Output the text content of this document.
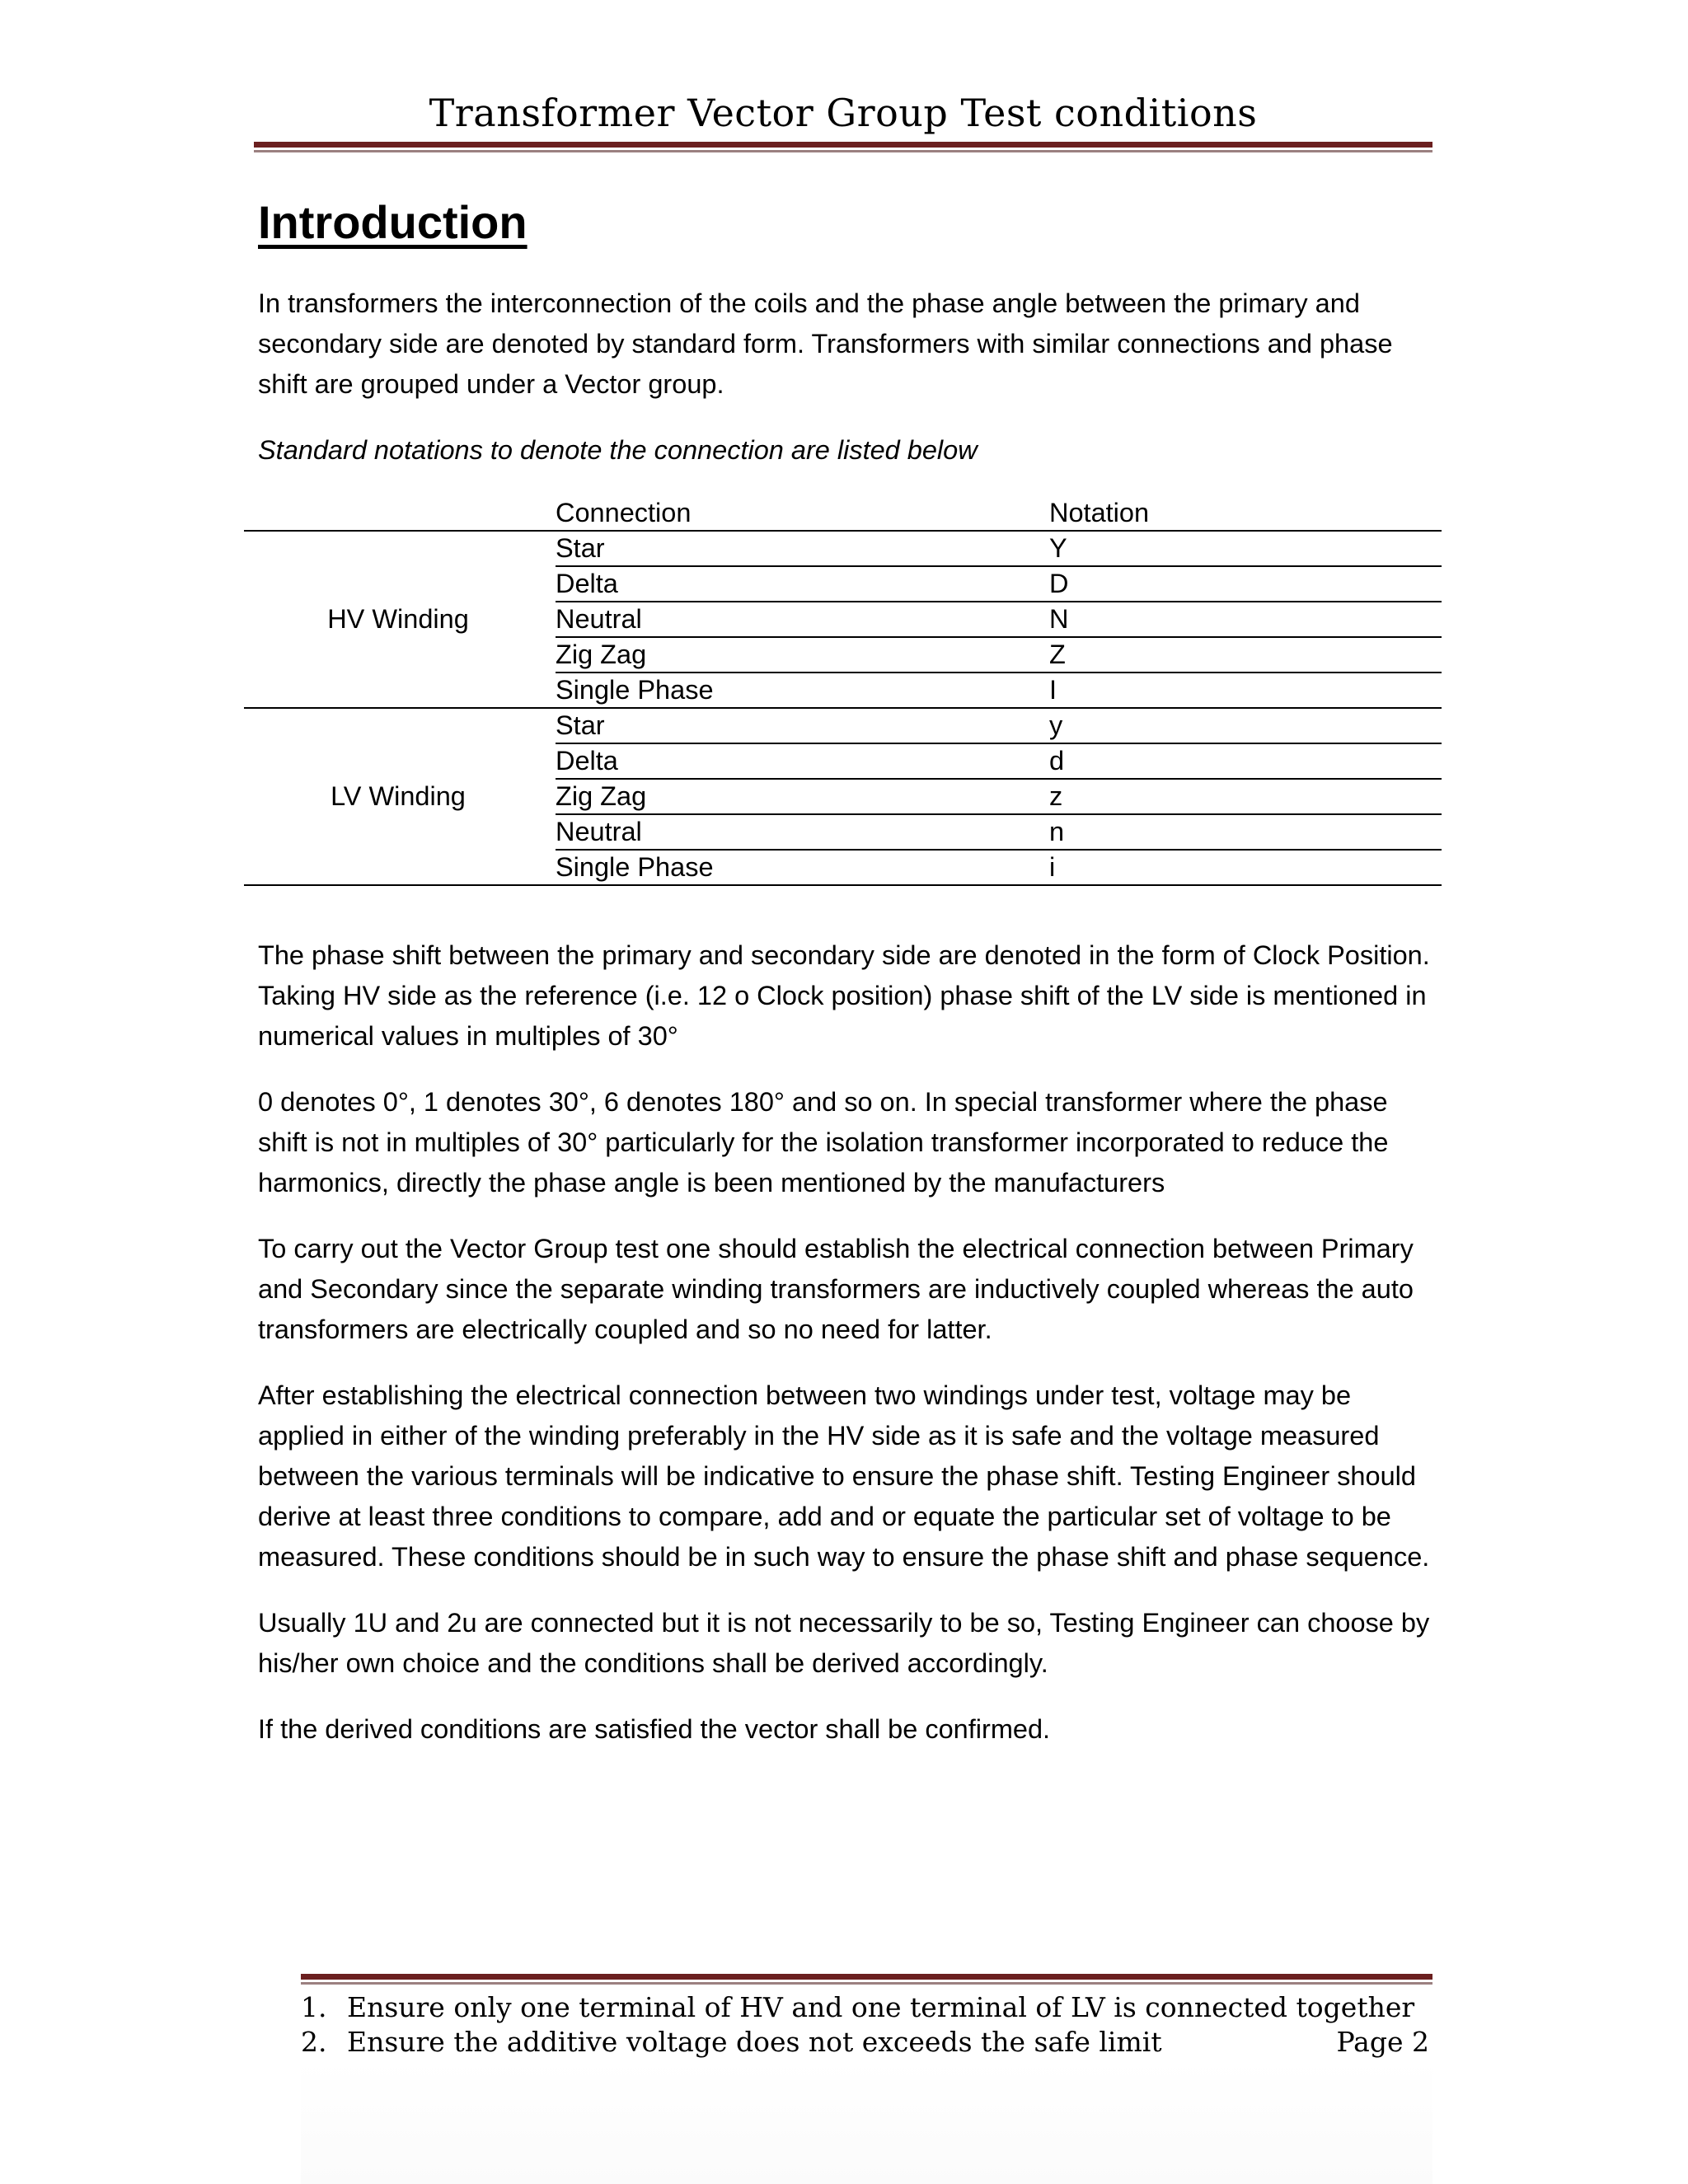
Transformer Vector Group Test conditions
Introduction

In transformers the interconnection of the coils and the phase angle between the primary and secondary side are denoted by standard form. Transformers with similar connections and phase shift are grouped under a Vector group.

Standard notations to denote the connection are listed below

	Connection	Notation
HV Winding	Star	Y
	Delta	D
	Neutral	N
	Zig Zag	Z
	Single Phase	I
LV Winding	Star	y
	Delta	d
	Zig Zag	z
	Neutral	n
	Single Phase	i

The phase shift between the primary and secondary side are denoted in the form of Clock Position. Taking HV side as the reference (i.e. 12 o Clock position) phase shift of the LV side is mentioned in numerical values in multiples of 30°

0 denotes 0°, 1 denotes 30°, 6 denotes 180° and so on. In special transformer where the phase shift is not in multiples of 30° particularly for the isolation transformer incorporated to reduce the harmonics, directly the phase angle is been mentioned by the manufacturers

To carry out the Vector Group test one should establish the electrical connection between Primary and Secondary since the separate winding transformers are inductively coupled whereas the auto transformers are electrically coupled and so no need for latter.

After establishing the electrical connection between two windings under test, voltage may be applied in either of the winding preferably in the HV side as it is safe and the voltage measured between the various terminals will be indicative to ensure the phase shift. Testing Engineer should derive at least three conditions to compare, add and or equate the particular set of voltage to be measured. These conditions should be in such way to ensure the phase shift and phase sequence.

Usually 1U and 2u are connected but it is not necessarily to be so, Testing Engineer can choose by his/her own choice and the conditions shall be derived accordingly.

If the derived conditions are satisfied the vector shall be confirmed.

1. Ensure only one terminal of HV and one terminal of LV is connected together
2. Ensure the additive voltage does not exceeds the safe limit	Page 2
